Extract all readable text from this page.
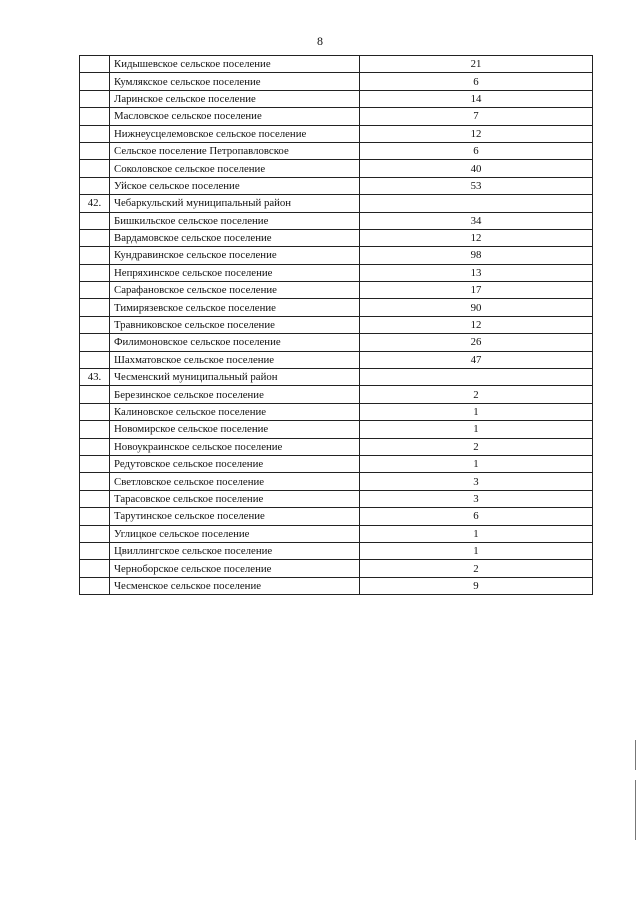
8
	Кидышевское сельское поселение	21
	Кумлякское сельское поселение	6
	Ларинское сельское поселение	14
	Масловское сельское поселение	7
	Нижнеусцелемовское сельское поселение	12
	Сельское поселение Петропавловское	6
	Соколовское сельское поселение	40
	Уйское сельское поселение	53
42.	Чебаркульский муниципальный район	
	Бишкильское сельское поселение	34
	Вардамовское сельское поселение	12
	Кундравинское сельское поселение	98
	Непряхинское сельское поселение	13
	Сарафановское сельское поселение	17
	Тимирязевское сельское поселение	90
	Травниковское сельское поселение	12
	Филимоновское сельское поселение	26
	Шахматовское сельское поселение	47
43.	Чесменский муниципальный район	
	Березинское сельское поселение	2
	Калиновское сельское поселение	1
	Новомирское сельское поселение	1
	Новоукраинское сельское поселение	2
	Редутовское сельское поселение	1
	Светловское сельское поселение	3
	Тарасовское сельское поселение	3
	Тарутинское сельское поселение	6
	Углицкое сельское поселение	1
	Цвиллингское сельское поселение	1
	Черноборское сельское поселение	2
	Чесменское сельское поселение	9
